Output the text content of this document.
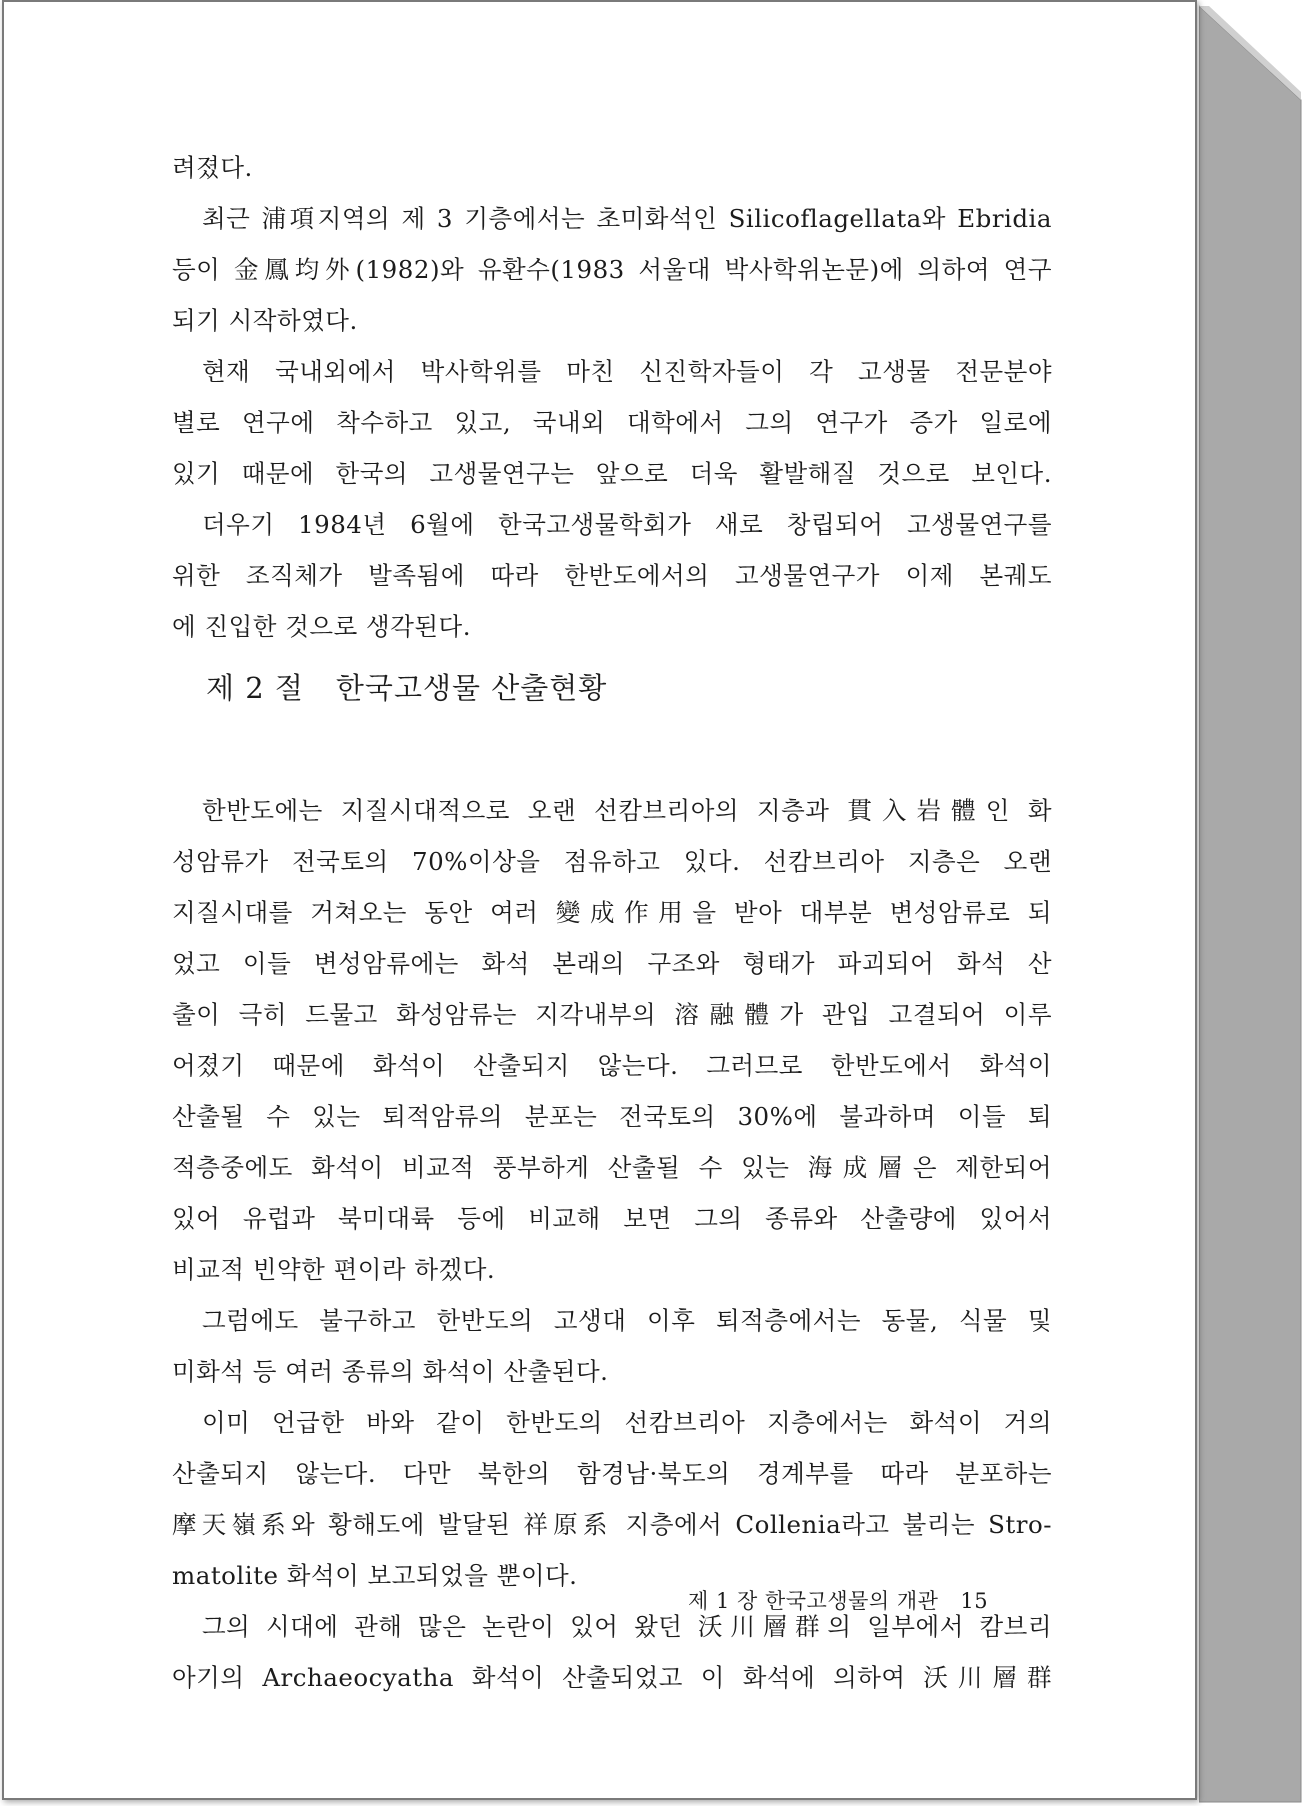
려졌다.
최근 浦項지역의 제 3 기층에서는 초미화석인 Silicoflagellata와 Ebridia
등이 金鳳均外(1982)와 유환수(1983 서울대 박사학위논문)에 의하여 연구
되기 시작하였다.
현재 국내외에서 박사학위를 마친 신진학자들이 각 고생물 전문분야
별로 연구에 착수하고 있고, 국내외 대학에서 그의 연구가 증가 일로에
있기 때문에 한국의 고생물연구는 앞으로 더욱 활발해질 것으로 보인다.
더우기 1984년 6월에 한국고생물학회가 새로 창립되어 고생물연구를
위한 조직체가 발족됨에 따라 한반도에서의 고생물연구가 이제 본궤도
에 진입한 것으로 생각된다.
제 2 절 한국고생물 산출현황
한반도에는 지질시대적으로 오랜 선캄브리아의 지층과 貫入岩體인 화
성암류가 전국토의 70%이상을 점유하고 있다. 선캄브리아 지층은 오랜
지질시대를 거쳐오는 동안 여러 變成作用을 받아 대부분 변성암류로 되
었고 이들 변성암류에는 화석 본래의 구조와 형태가 파괴되어 화석 산
출이 극히 드물고 화성암류는 지각내부의 溶融體가 관입 고결되어 이루
어졌기 때문에 화석이 산출되지 않는다. 그러므로 한반도에서 화석이
산출될 수 있는 퇴적암류의 분포는 전국토의 30%에 불과하며 이들 퇴
적층중에도 화석이 비교적 풍부하게 산출될 수 있는 海成層은 제한되어
있어 유럽과 북미대륙 등에 비교해 보면 그의 종류와 산출량에 있어서
비교적 빈약한 편이라 하겠다.
그럼에도 불구하고 한반도의 고생대 이후 퇴적층에서는 동물, 식물 및
미화석 등 여러 종류의 화석이 산출된다.
이미 언급한 바와 같이 한반도의 선캄브리아 지층에서는 화석이 거의
산출되지 않는다. 다만 북한의 함경남·북도의 경계부를 따라 분포하는
摩天嶺系와 황해도에 발달된 祥原系 지층에서 Collenia라고 불리는 Stro-
matolite 화석이 보고되었을 뿐이다.
그의 시대에 관해 많은 논란이 있어 왔던 沃川層群의 일부에서 캄브리
아기의 Archaeocyatha 화석이 산출되었고 이 화석에 의하여 沃川層群
제 1 장 한국고생물의 개관 15
